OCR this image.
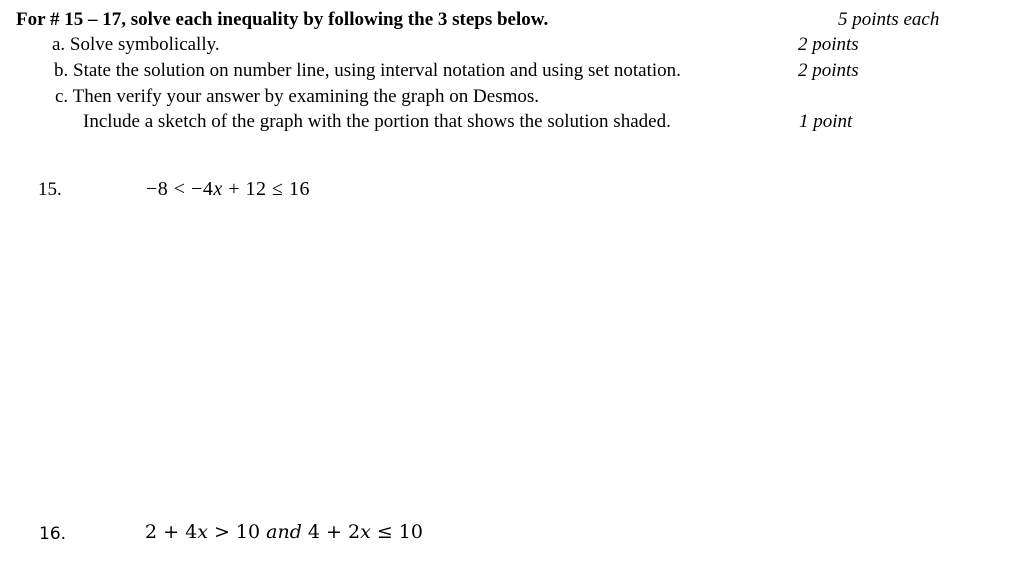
For # 15 – 17, solve each inequality by following the 3 steps below.	5 points each
a. Solve symbolically.	2 points
b. State the solution on number line, using interval notation and using set notation.	2 points
c. Then verify your answer by examining the graph on Desmos.
Include a sketch of the graph with the portion that shows the solution shaded.	1 point
15.	−8 < −4x + 12 ≤ 16
16.	2 + 4x > 10 and 4 + 2x ≤ 10
